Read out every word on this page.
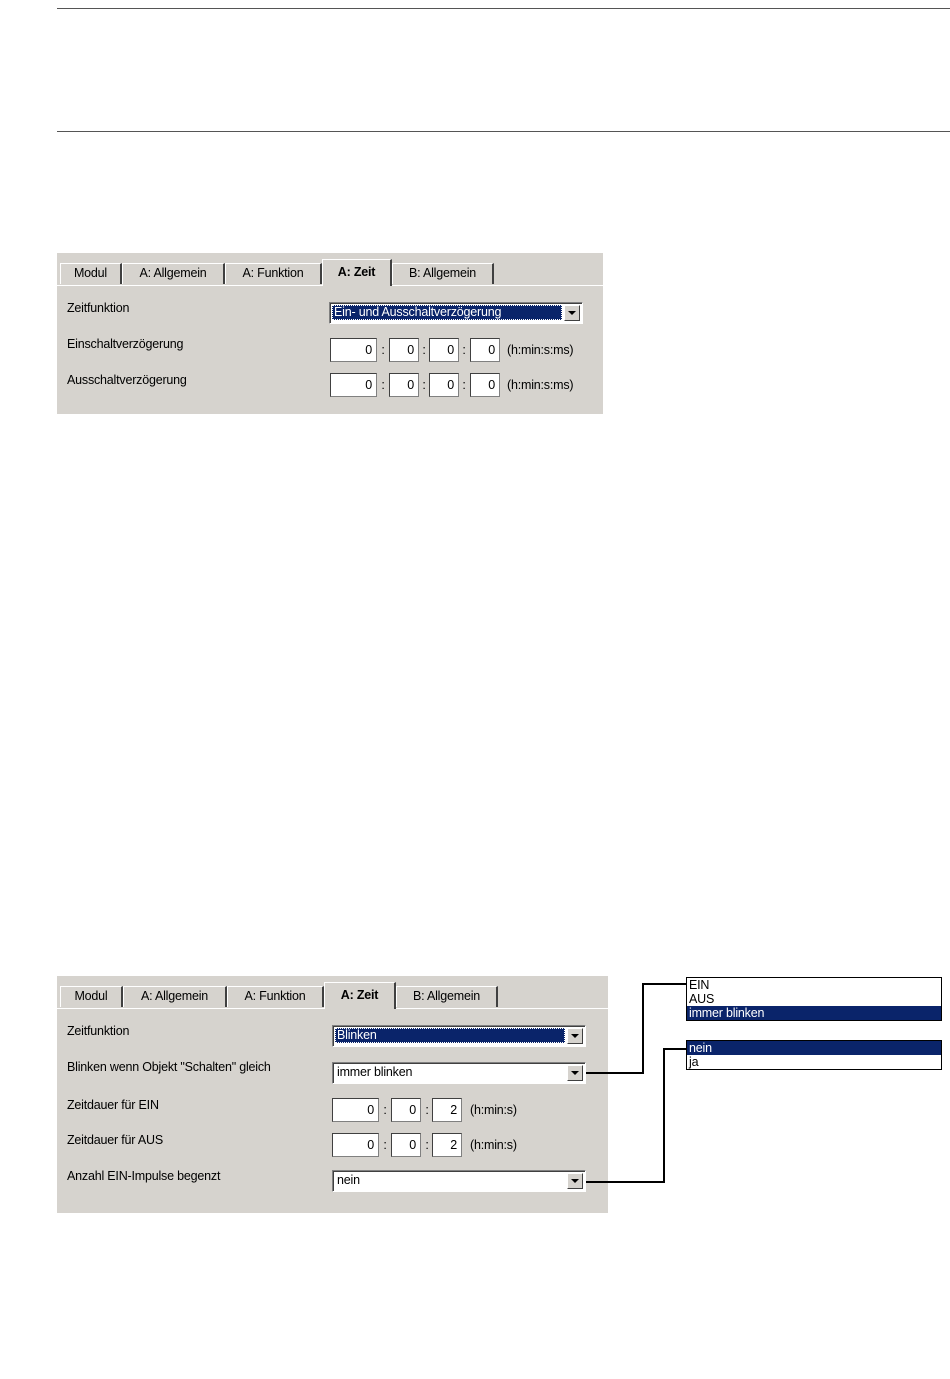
Modul	A: Allgemein	A: Funktion	A: Zeit	B: Allgemein
Zeitfunktion	Ein- und Ausschaltverzögerung
Einschaltverzögerung	0 :	0 :	0 :	0 (h:min:s:ms)
Ausschaltverzögerung	0 :	0 :	0 :	0 (h:min:s:ms)
Modul	A: Allgemein	A: Funktion	A: Zeit	B: Allgemein
Zeitfunktion	Blinken
Blinken wenn Objekt "Schalten" gleich	immer blinken
Zeitdauer für EIN	0 :	0 :	2	(h:min:s)
Zeitdauer für AUS	0 :	0 :	2	(h:min:s)
Anzahl EIN-Impulse begenzt	nein
EIN
AUS
immer blinken
nein
ja
